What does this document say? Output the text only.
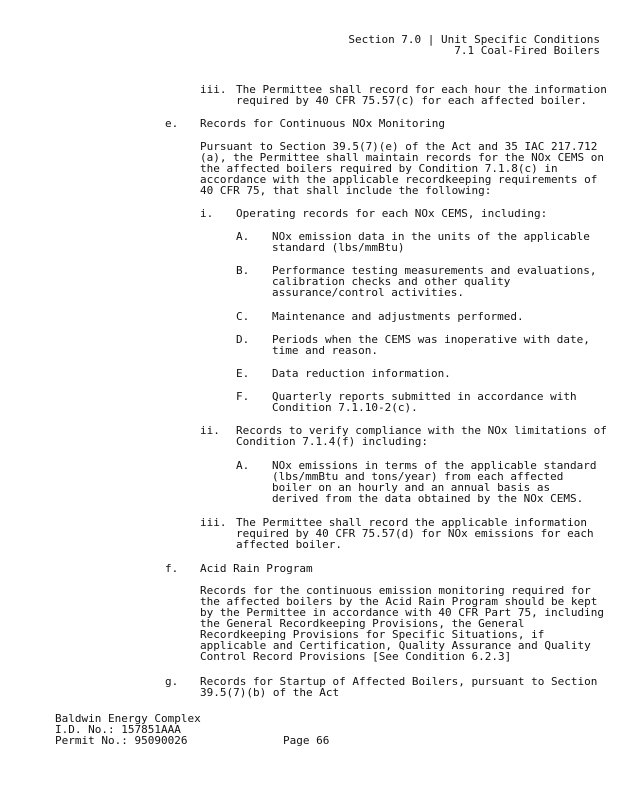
Section 7.0 | Unit Specific Conditions
7.1 Coal-Fired Boilers
iii. The Permittee shall record for each hour the information
required by 40 CFR 75.57(c) for each affected boiler.
e. Records for Continuous NOx Monitoring
Pursuant to Section 39.5(7)(e) of the Act and 35 IAC 217.712
(a), the Permittee shall maintain records for the NOx CEMS on
the affected boilers required by Condition 7.1.8(c) in
accordance with the applicable recordkeeping requirements of
40 CFR 75, that shall include the following:
i. Operating records for each NOx CEMS, including:
A. NOx emission data in the units of the applicable
standard (lbs/mmBtu)
B. Performance testing measurements and evaluations,
calibration checks and other quality
assurance/control activities.
C. Maintenance and adjustments performed.
D. Periods when the CEMS was inoperative with date,
time and reason.
E. Data reduction information.
F. Quarterly reports submitted in accordance with
Condition 7.1.10-2(c).
ii. Records to verify compliance with the NOx limitations of
Condition 7.1.4(f) including:
A. NOx emissions in terms of the applicable standard
(lbs/mmBtu and tons/year) from each affected
boiler on an hourly and an annual basis as
derived from the data obtained by the NOx CEMS.
iii. The Permittee shall record the applicable information
required by 40 CFR 75.57(d) for NOx emissions for each
affected boiler.
f. Acid Rain Program
Records for the continuous emission monitoring required for
the affected boilers by the Acid Rain Program should be kept
by the Permittee in accordance with 40 CFR Part 75, including
the General Recordkeeping Provisions, the General
Recordkeeping Provisions for Specific Situations, if
applicable and Certification, Quality Assurance and Quality
Control Record Provisions [See Condition 6.2.3]
g. Records for Startup of Affected Boilers, pursuant to Section
39.5(7)(b) of the Act
Baldwin Energy Complex
I.D. No.: 157851AAA
Permit No.: 95090026	Page 66
